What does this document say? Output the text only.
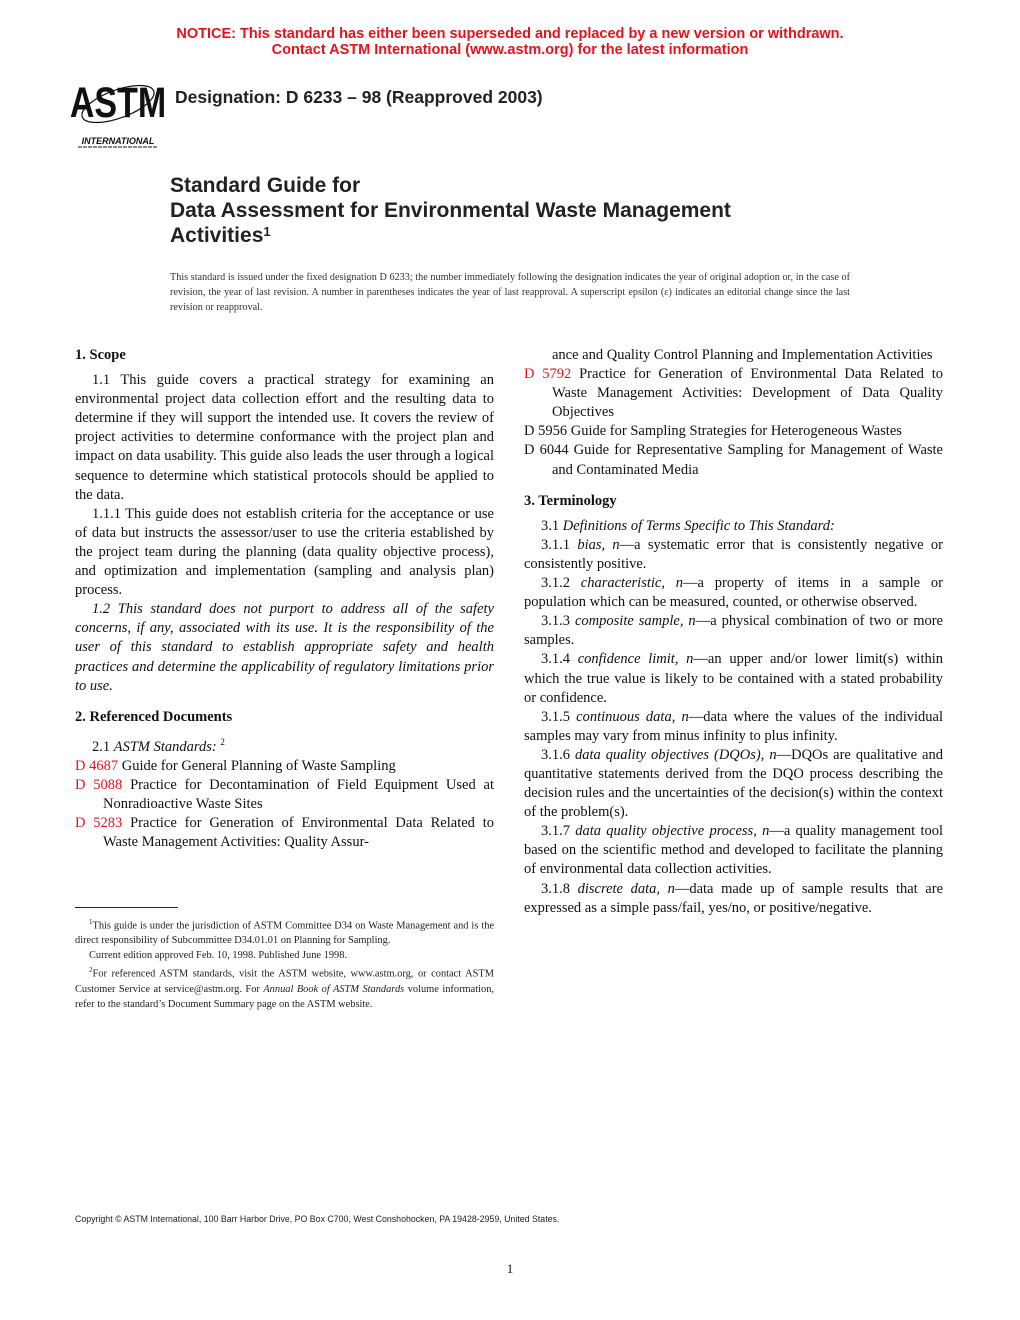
NOTICE: This standard has either been superseded and replaced by a new version or withdrawn.
Contact ASTM International (www.astm.org) for the latest information
ASTM
INTERNATIONAL
Designation: D 6233 – 98 (Reapproved 2003)
Standard Guide for
Data Assessment for Environmental Waste Management
Activities$^1$
This standard is issued under the fixed designation D 6233; the number immediately following the designation indicates the year of original adoption or, in the case of revision, the year of last revision. A number in parentheses indicates the year of last reapproval. A superscript epsilon (ε) indicates an editorial change since the last revision or reapproval.

1. Scope

1.1 This guide covers a practical strategy for examining an environmental project data collection effort and the resulting data to determine if they will support the intended use. It covers the review of project activities to determine conformance with the project plan and impact on data usability. This guide also leads the user through a logical sequence to determine which statistical protocols should be applied to the data.

1.1.1 This guide does not establish criteria for the acceptance or use of data but instructs the assessor/user to use the criteria established by the project team during the planning (data quality objective process), and optimization and implementation (sampling and analysis plan) process.

1.2 This standard does not purport to address all of the safety concerns, if any, associated with its use. It is the responsibility of the user of this standard to establish appropriate safety and health practices and determine the applicability of regulatory limitations prior to use.

2. Referenced Documents

2.1 ASTM Standards: $^2$

D 4687 Guide for General Planning of Waste Sampling

D 5088 Practice for Decontamination of Field Equipment Used at Nonradioactive Waste Sites

D 5283 Practice for Generation of Environmental Data Related to Waste Management Activities: Quality Assur-

ance and Quality Control Planning and Implementation Activities

D 5792 Practice for Generation of Environmental Data Related to Waste Management Activities: Development of Data Quality Objectives

D 5956 Guide for Sampling Strategies for Heterogeneous Wastes

D 6044 Guide for Representative Sampling for Management of Waste and Contaminated Media

3. Terminology

3.1 Definitions of Terms Specific to This Standard:

3.1.1 bias, n—a systematic error that is consistently negative or consistently positive.

3.1.2 characteristic, n—a property of items in a sample or population which can be measured, counted, or otherwise observed.

3.1.3 composite sample, n—a physical combination of two or more samples.

3.1.4 confidence limit, n—an upper and/or lower limit(s) within which the true value is likely to be contained with a stated probability or confidence.

3.1.5 continuous data, n—data where the values of the individual samples may vary from minus infinity to plus infinity.

3.1.6 data quality objectives (DQOs), n—DQOs are qualitative and quantitative statements derived from the DQO process describing the decision rules and the uncertainties of the decision(s) within the context of the problem(s).

3.1.7 data quality objective process, n—a quality management tool based on the scientific method and developed to facilitate the planning of environmental data collection activities.

3.1.8 discrete data, n—data made up of sample results that are expressed as a simple pass/fail, yes/no, or positive/negative.

$^1$This guide is under the jurisdiction of ASTM Committee D34 on Waste Management and is the direct responsibility of Subcommittee D34.01.01 on Planning for Sampling.

Current edition approved Feb. 10, 1998. Published June 1998.

$^2$For referenced ASTM standards, visit the ASTM website, www.astm.org, or contact ASTM Customer Service at service@astm.org. For Annual Book of ASTM Standards volume information, refer to the standard’s Document Summary page on the ASTM website.

Copyright © ASTM International, 100 Barr Harbor Drive, PO Box C700, West Conshohocken, PA 19428-2959, United States.
1
